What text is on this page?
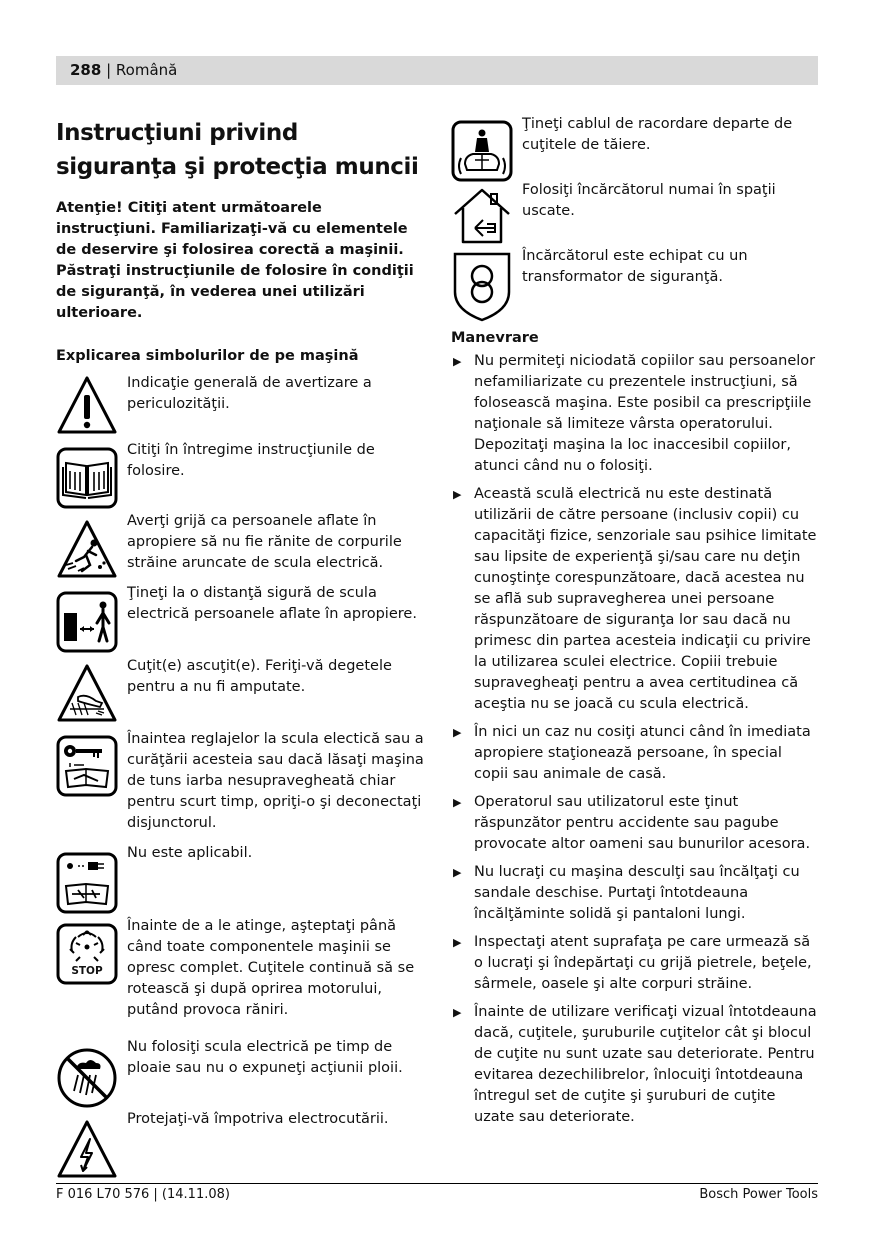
288 | Română
Instrucţiuni privind siguranţa şi protecţia muncii
Atenţie! Citiţi atent următoarele instrucţiuni. Familiarizaţi-vă cu elementele de deservire şi folosirea corectă a maşinii. Păstraţi instrucţiunile de folosire în condiţii de siguranţă, în vederea unei utilizări ulterioare.
Explicarea simbolurilor de pe maşină
Indicaţie generală de avertizare a periculozităţii.
Citiţi în întregime instrucţiunile de folosire.
Averţi grijă ca persoanele aflate în apropiere să nu fie rănite de corpurile străine aruncate de scula electrică.
Ţineţi la o distanţă sigură de scula electrică persoanele aflate în apropiere.
Cuţit(e) ascuţit(e). Feriţi-vă degetele pentru a nu fi amputate.
Înaintea reglajelor la scula electică sau a curăţării acesteia sau dacă lăsaţi maşina de tuns iarba nesupravegheată chiar pentru scurt timp, opriţi-o şi deconectaţi disjunctorul.
Nu este aplicabil.
STOP
Înainte de a le atinge, aşteptaţi până când toate componentele maşinii se opresc complet. Cuţitele continuă să se rotească şi după oprirea motorului, putând provoca răniri.
Nu folosiţi scula electrică pe timp de ploaie sau nu o expuneţi acţiunii ploii.
Protejaţi-vă împotriva electrocutării.
Ţineţi cablul de racordare departe de cuţitele de tăiere.
Folosiţi încărcătorul numai în spaţii uscate.
Încărcătorul este echipat cu un transformator de siguranţă.
Manevrare
▶ Nu permiteţi niciodată copiilor sau persoanelor nefamiliarizate cu prezentele instrucţiuni, să folosească maşina. Este posibil ca prescripţiile naţionale să limiteze vârsta operatorului. Depozitaţi maşina la loc inaccesibil copiilor, atunci când nu o folosiţi.
▶ Această sculă electrică nu este destinată utilizării de către persoane (inclusiv copii) cu capacităţi fizice, senzoriale sau psihice limitate sau lipsite de experienţă şi/sau care nu deţin cunoştinţe corespunzătoare, dacă acestea nu se află sub supravegherea unei persoane răspunzătoare de siguranţa lor sau dacă nu primesc din partea acesteia indicaţii cu privire la utilizarea sculei electrice. Copiii trebuie supravegheaţi pentru a avea certitudinea că aceştia nu se joacă cu scula electrică.
▶ În nici un caz nu cosiţi atunci când în imediata apropiere staţionează persoane, în special copii sau animale de casă.
▶ Operatorul sau utilizatorul este ţinut răspunzător pentru accidente sau pagube provocate altor oameni sau bunurilor acesora.
▶ Nu lucraţi cu maşina desculţi sau încălţaţi cu sandale deschise. Purtaţi întotdeauna încălţăminte solidă şi pantaloni lungi.
▶ Inspectaţi atent suprafaţa pe care urmează să o lucraţi şi îndepărtaţi cu grijă pietrele, beţele, sârmele, oasele şi alte corpuri străine.
▶ Înainte de utilizare verificaţi vizual întotdeauna dacă, cuţitele, şuruburile cuţitelor cât şi blocul de cuţite nu sunt uzate sau deteriorate. Pentru evitarea dezechilibrelor, înlocuiţi întotdeauna întregul set de cuţite şi şuruburi de cuţite uzate sau deteriorate.
F 016 L70 576 | (14.11.08)	Bosch Power Tools
